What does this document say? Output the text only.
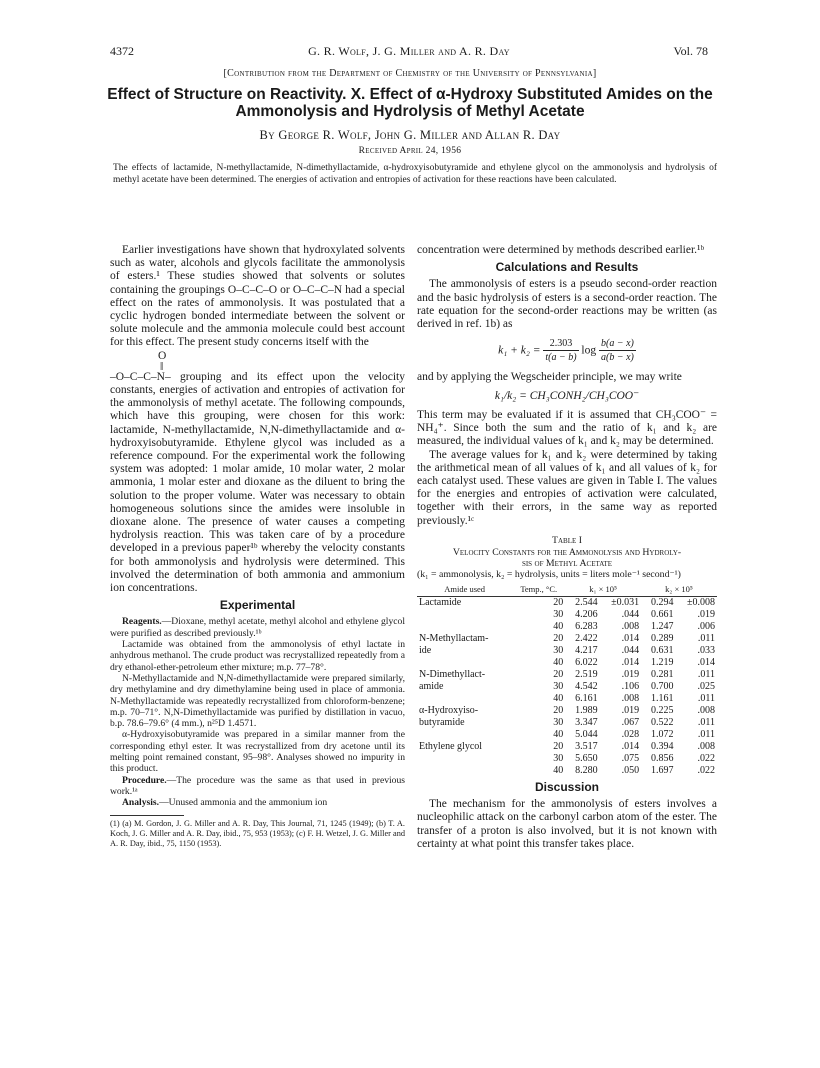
4372	G. R. Wolf, J. G. Miller and A. R. Day	Vol. 78
[Contribution from the Department of Chemistry of the University of Pennsylvania]
Effect of Structure on Reactivity. X. Effect of α-Hydroxy Substituted Amides on the
Ammonolysis and Hydrolysis of Methyl Acetate
By George R. Wolf, John G. Miller and Allan R. Day
Received April 24, 1956
The effects of lactamide, N-methyllactamide, N-dimethyllactamide, α-hydroxyisobutyramide and ethylene glycol on the ammonolysis and hydrolysis of methyl acetate have been determined. The energies of activation and entropies of activation for these reactions have been calculated.

Earlier investigations have shown that hydroxylated solvents such as water, alcohols and glycols facilitate the ammonolysis of esters.¹ These studies showed that solvents or solutes containing the groupings O–C–C–O or O–C–C–N had a special effect on the rates of ammonolysis. It was postulated that a cyclic hydrogen bonded intermediate between the solvent or solute molecule and the ammonia molecule could best account for this effect. The present study concerns itself with the

O
‖

–O–C–C–N– grouping and its effect upon the velocity constants, energies of activation and entropies of activation for the ammonolysis of methyl acetate. The following compounds, which have this grouping, were chosen for this work: lactamide, N-methyllactamide, N,N-dimethyllactamide and α-hydroxyisobutyramide. Ethylene glycol was included as a reference compound. For the experimental work the following system was adopted: 1 molar amide, 10 molar water, 2 molar ammonia, 1 molar ester and dioxane as the diluent to bring the solution to the proper volume. Water was necessary to obtain homogeneous solutions since the amides were insoluble in dioxane alone. The presence of water causes a competing hydrolysis reaction. This was taken care of by a procedure developed in a previous paper¹ᵇ whereby the velocity constants for both ammonolysis and hydrolysis were determined. This involved the determination of both ammonia and ammonium ion concentrations.

Experimental

Reagents.—Dioxane, methyl acetate, methyl alcohol and ethylene glycol were purified as described previously.¹ᵇ

Lactamide was obtained from the ammonolysis of ethyl lactate in anhydrous methanol. The crude product was recrystallized repeatedly from a dry ethanol-ether-petroleum ether mixture; m.p. 77–78°.

N-Methyllactamide and N,N-dimethyllactamide were prepared similarly, dry methylamine and dry dimethylamine being used in place of ammonia. N-Methyllactamide was repeatedly recrystallized from chloroform-benzene; m.p. 70–71°. N,N-Dimethyllactamide was purified by distillation in vacuo, b.p. 78.6–79.6° (4 mm.), n²⁵D 1.4571.

α-Hydroxyisobutyramide was prepared in a similar manner from the corresponding ethyl ester. It was recrystallized from dry acetone until its melting point remained constant, 95–98°. Analyses showed no impurity in this product.

Procedure.—The procedure was the same as that used in previous work.¹ᵃ

Analysis.—Unused ammonia and the ammonium ion

(1) (a) M. Gordon, J. G. Miller and A. R. Day, This Journal, 71, 1245 (1949); (b) T. A. Koch, J. G. Miller and A. R. Day, ibid., 75, 953 (1953); (c) F. H. Wetzel, J. G. Miller and A. R. Day, ibid., 75, 1150 (1953).

concentration were determined by methods described earlier.¹ᵇ

Calculations and Results

The ammonolysis of esters is a pseudo second-order reaction and the basic hydrolysis of esters is a second-order reaction. The rate equation for the second-order reactions may be written (as derived in ref. 1b) as

$k_1 + k_2 = \frac{2.303}{t(a - b)}$ $\log \frac{b(a - x)}{a(b - x)}$

and by applying the Wegscheider principle, we may write

k₁/k₂ = CH₃CONH₂/CH₃COO⁻

This term may be evaluated if it is assumed that CH₃COO⁻ = NH₄⁺. Since both the sum and the ratio of k₁ and k₂ are measured, the individual values of k₁ and k₂ may be determined.

The average values for k₁ and k₂ were determined by taking the arithmetical mean of all values of k₁ and all values of k₂ for each catalyst used. These values are given in Table I. The values for the energies and entropies of activation were calculated, together with their errors, in the same way as reported previously.¹ᶜ

Table I
Velocity Constants for the Ammonolysis and Hydroly-
sis of Methyl Acetate
(k₁ = ammonolysis, k₂ = hydrolysis, units = liters mole⁻¹ second⁻¹)
Amide used	Temp., °C.	k₁ × 10⁵		k₂ × 10⁵	
Lactamide	20	2.544	±0.031	0.294	±0.008
	30	4.206	.044	0.661	.019
	40	6.283	.008	1.247	.006
N-Methyllactam-	20	2.422	.014	0.289	.011
ide	30	4.217	.044	0.631	.033
	40	6.022	.014	1.219	.014
N-Dimethyllact-	20	2.519	.019	0.281	.011
amide	30	4.542	.106	0.700	.025
	40	6.161	.008	1.161	.011
α-Hydroxyiso-	20	1.989	.019	0.225	.008
butyramide	30	3.347	.067	0.522	.011
	40	5.044	.028	1.072	.011
Ethylene glycol	20	3.517	.014	0.394	.008
	30	5.650	.075	0.856	.022
	40	8.280	.050	1.697	.022
Discussion

The mechanism for the ammonolysis of esters involves a nucleophilic attack on the carbonyl carbon atom of the ester. The transfer of a proton is also involved, but it is not known with certainty at what point this transfer takes place.
